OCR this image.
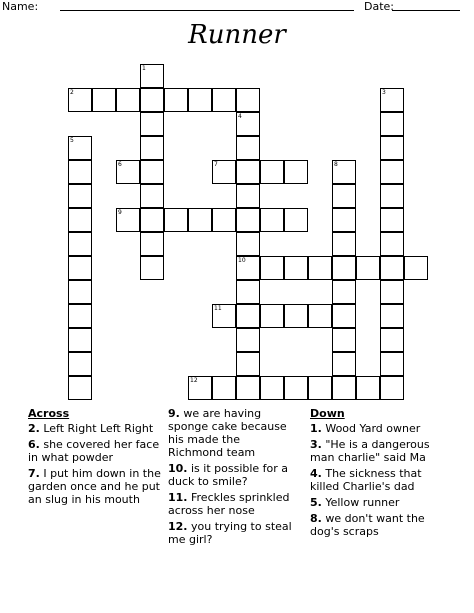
Name:	Date:
Runner
1
2	3
4
5
6	7	8
9
10
11
12
Across
2. Left Right Left Right
6. she covered her face in what powder
7. I put him down in the garden once and he put an slug in his mouth
9. we are having sponge cake because his made the Richmond team
10. is it possible for a duck to smile?
11. Freckles sprinkled across her nose
12. you trying to steal me girl?
Down
1. Wood Yard owner
3. "He is a dangerous man charlie" said Ma
4. The sickness that killed Charlie's dad
5. Yellow runner
8. we don't want the dog's scraps
